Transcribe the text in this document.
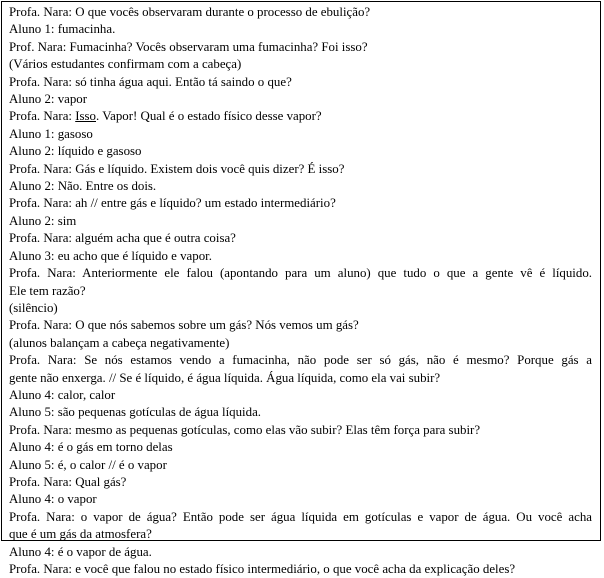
Profa. Nara: O que vocês observaram durante o processo de ebulição?
Aluno 1: fumacinha.
Prof. Nara: Fumacinha? Vocês observaram uma fumacinha? Foi isso?
(Vários estudantes confirmam com a cabeça)
Profa. Nara: só tinha água aqui. Então tá saindo o que?
Aluno 2: vapor
Profa. Nara: Isso. Vapor! Qual é o estado físico desse vapor?
Aluno 1: gasoso
Aluno 2: líquido e gasoso
Profa. Nara: Gás e líquido. Existem dois você quis dizer? É isso?
Aluno 2: Não. Entre os dois.
Profa. Nara: ah // entre gás e líquido? um estado intermediário?
Aluno 2: sim
Profa. Nara: alguém acha que é outra coisa?
Aluno 3: eu acho que é líquido e vapor.
Profa. Nara: Anteriormente ele falou (apontando para um aluno) que tudo o que a gente vê é líquido.
Ele tem razão?
(silêncio)
Profa. Nara: O que nós sabemos sobre um gás? Nós vemos um gás?
(alunos balançam a cabeça negativamente)
Profa. Nara: Se nós estamos vendo a fumacinha, não pode ser só gás, não é mesmo? Porque gás a
gente não enxerga. // Se é líquido, é água líquida. Água líquida, como ela vai subir?
Aluno 4: calor, calor
Aluno 5: são pequenas gotículas de água líquida.
Profa. Nara: mesmo as pequenas gotículas, como elas vão subir? Elas têm força para subir?
Aluno 4: é o gás em torno delas
Aluno 5: é, o calor // é o vapor
Profa. Nara: Qual gás?
Aluno 4: o vapor
Profa. Nara: o vapor de água? Então pode ser água líquida em gotículas e vapor de água. Ou você acha
que é um gás da atmosfera?
Aluno 4: é o vapor de água.
Profa. Nara: e você que falou no estado físico intermediário, o que você acha da explicação deles?
